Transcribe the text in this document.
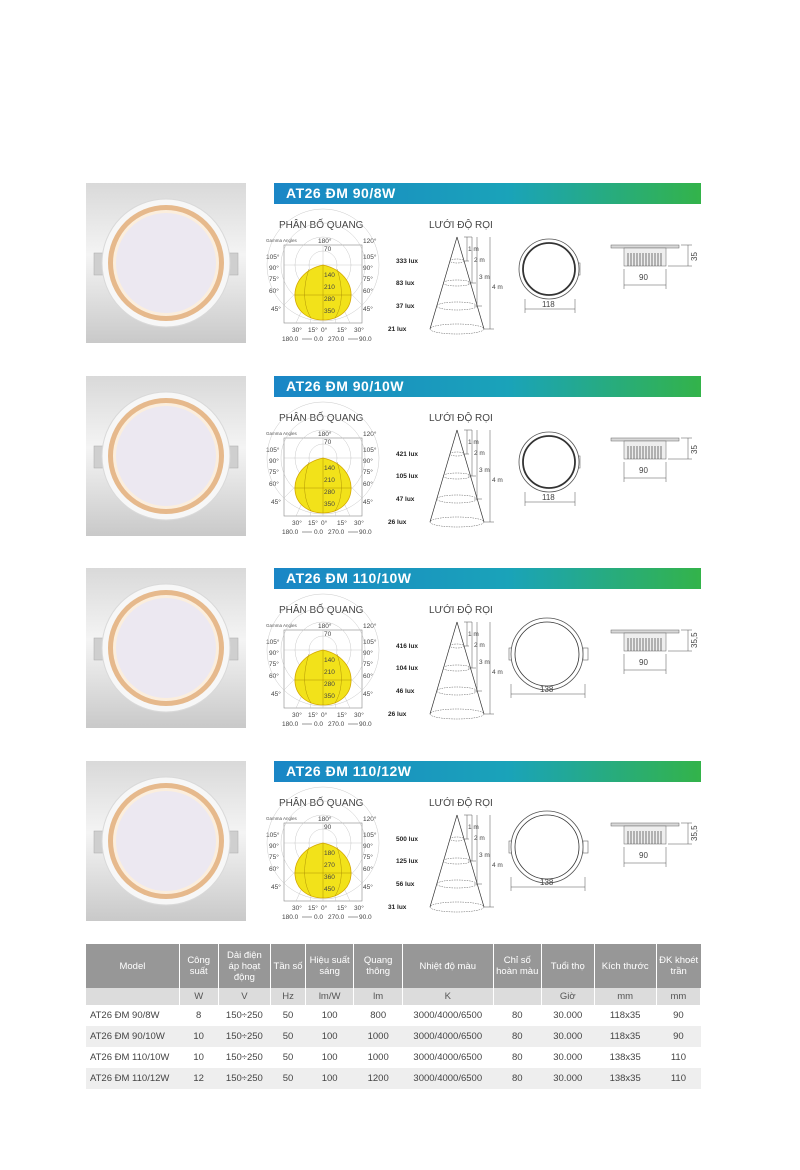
AT26 ĐM 90/8W
PHÂN BỐ QUANG	LƯỚI ĐỘ RỌI
Gamma Angles	180°	120°
105°
90°
75°
60°
45°
105°
90°
75°
60°
45°
70
140
210
280
350
30° 15° 0° 15° 30°
180.0 0.0 270.0 90.0
333 lux
83 lux
37 lux
21 lux
1 m
2 m
3 m
4 m
118
35
90
AT26 ĐM 90/10W
PHÂN BỐ QUANG	LƯỚI ĐỘ RỌI
Gamma Angles	180°	120°
105°
90°
75°
60°
45°
105°
90°
75°
60°
45°
70
140
210
280
350
30° 15° 0° 15° 30°
180.0 0.0 270.0 90.0
421 lux
105 lux
47 lux
26 lux
1 m
2 m
3 m
4 m
118
35
90
AT26 ĐM 110/10W
PHÂN BỐ QUANG	LƯỚI ĐỘ RỌI
Gamma Angles	180°	120°
105°
90°
75°
60°
45°
105°
90°
75°
60°
45°
70
140
210
280
350
30° 15° 0° 15° 30°
180.0 0.0 270.0 90.0
416 lux
104 lux
46 lux
26 lux
1 m
2 m
3 m
4 m
138
35,5
90
AT26 ĐM 110/12W
PHÂN BỐ QUANG	LƯỚI ĐỘ RỌI
Gamma Angles	180°	120°
105°
90°
75°
60°
45°
105°
90°
75°
60°
45°
90
180
270
360
450
30° 15° 0° 15° 30°
180.0 0.0 270.0 90.0
500 lux
125 lux
56 lux
31 lux
1 m
2 m
3 m
4 m
138
35,5
90
Model	Công suất	Dải điện áp hoạt động	Tần số	Hiệu suất sáng	Quang thông	Nhiệt độ màu	Chỉ số hoàn màu	Tuổi thọ	Kích thước	ĐK khoét trần
	W	V	Hz	lm/W	lm	K		Giờ	mm	mm
AT26 ĐM 90/8W	8	150÷250	50	100	800	3000/4000/6500	80	30.000	118x35	90
AT26 ĐM 90/10W	10	150÷250	50	100	1000	3000/4000/6500	80	30.000	118x35	90
AT26 ĐM 110/10W	10	150÷250	50	100	1000	3000/4000/6500	80	30.000	138x35	110
AT26 ĐM 110/12W	12	150÷250	50	100	1200	3000/4000/6500	80	30.000	138x35	110
